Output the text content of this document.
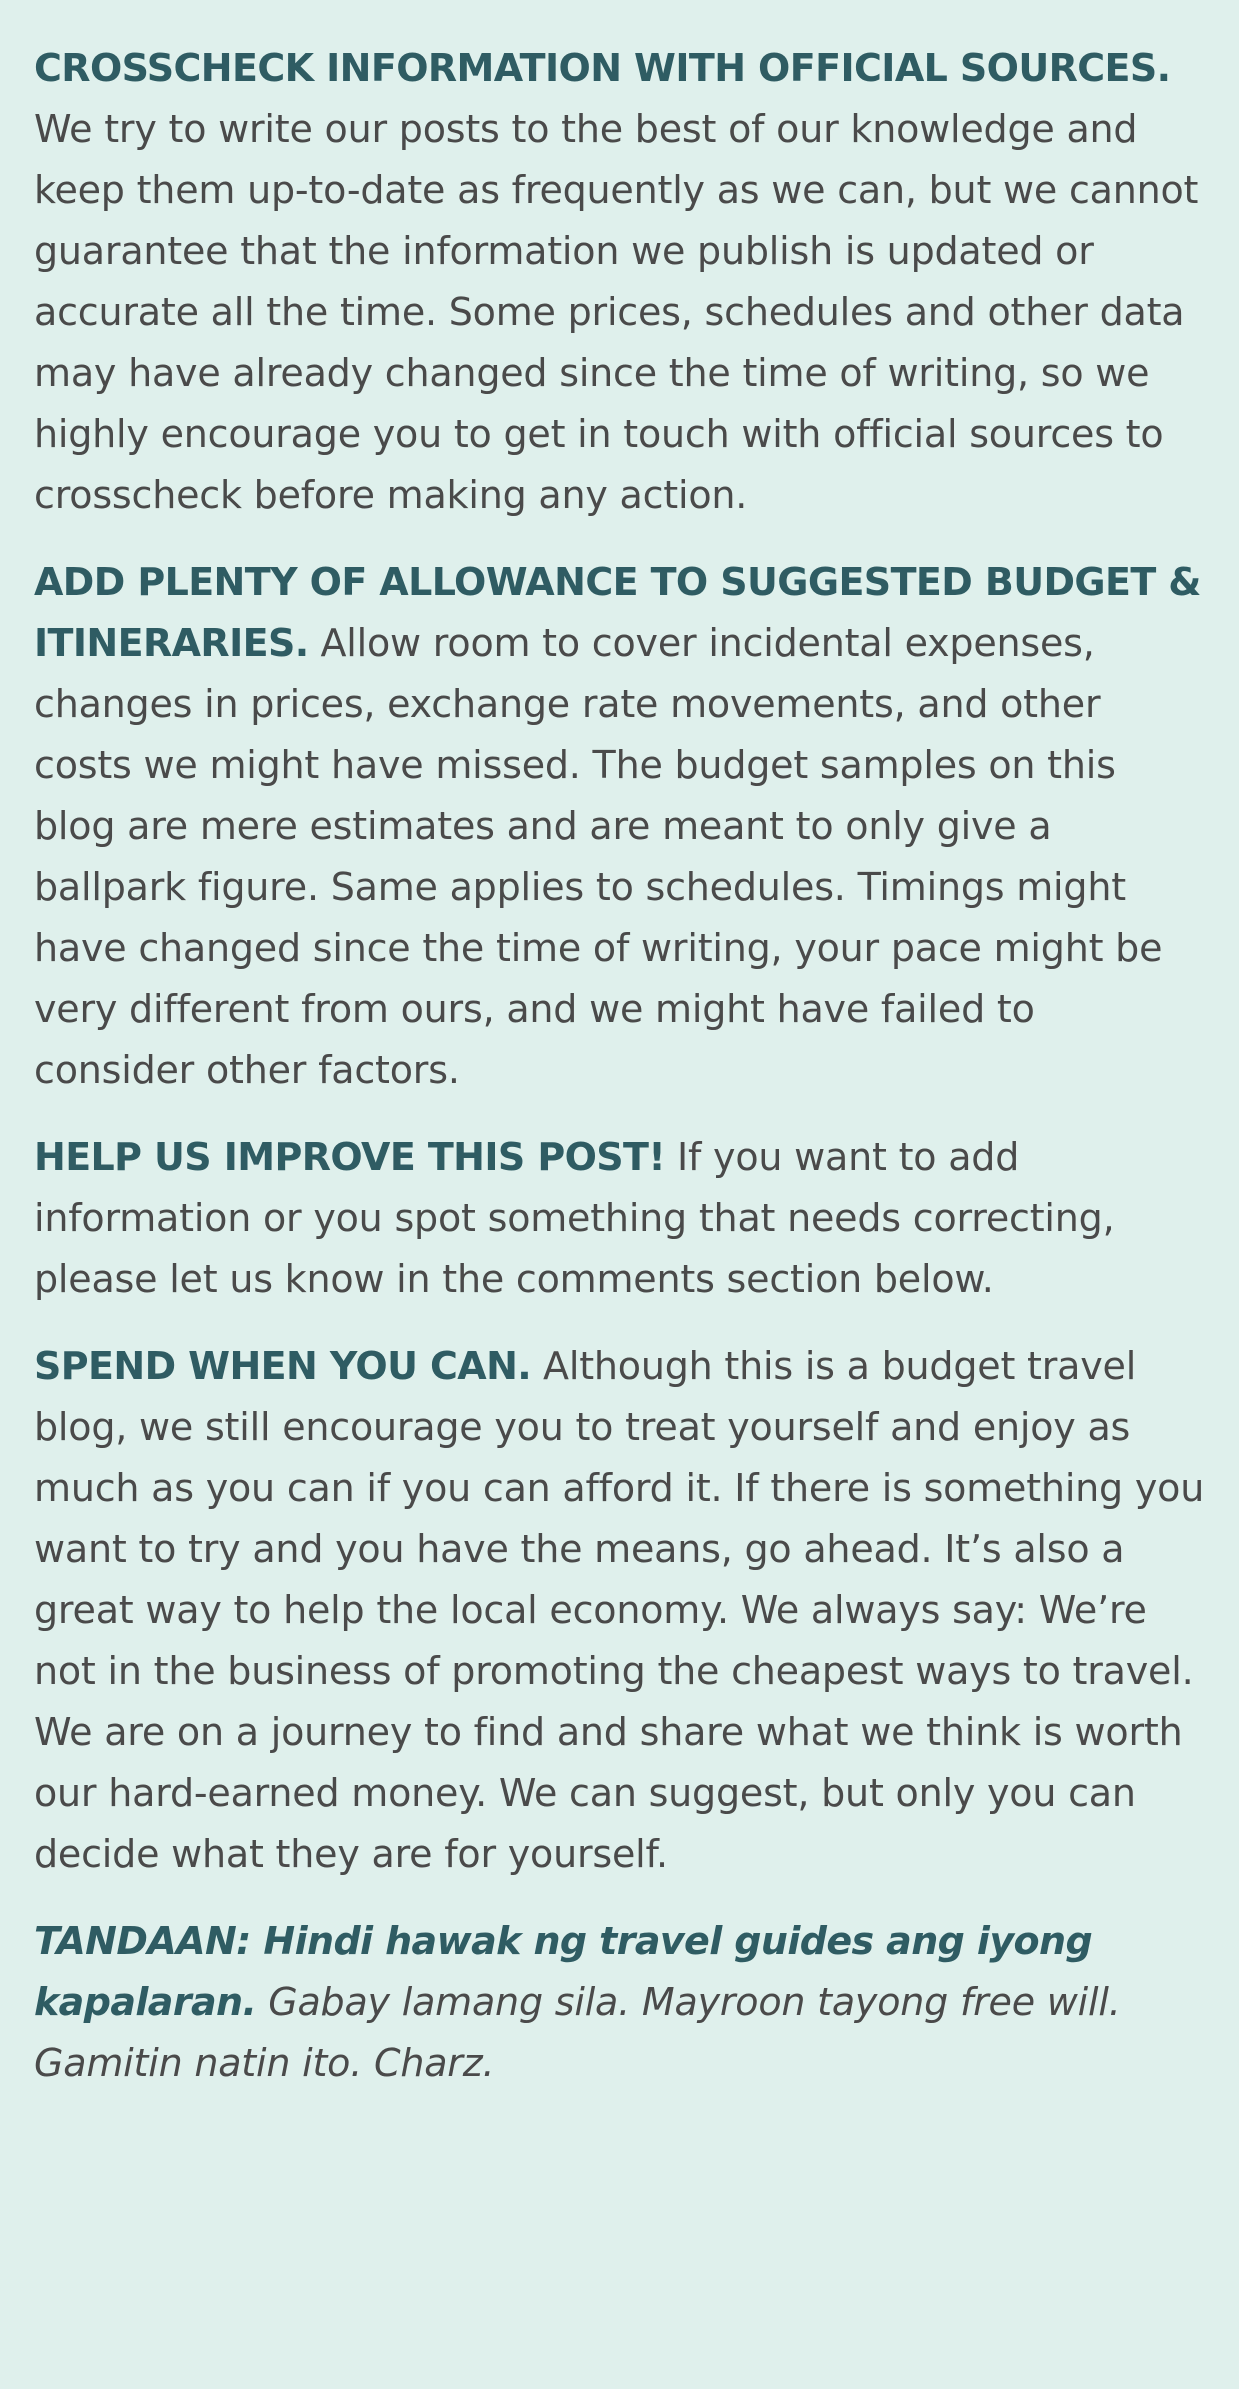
CROSSCHECK INFORMATION WITH OFFICIAL SOURCES. We try to write our posts to the best of our knowledge and keep them up-to-date as frequently as we can, but we cannot guarantee that the information we publish is updated or accurate all the time. Some prices, schedules and other data may have already changed since the time of writing, so we highly encourage you to get in touch with official sources to crosscheck before making any action.

ADD PLENTY OF ALLOWANCE TO SUGGESTED BUDGET & ITINERARIES. Allow room to cover incidental expenses, changes in prices, exchange rate movements, and other costs we might have missed. The budget samples on this blog are mere estimates and are meant to only give a ballpark figure. Same applies to schedules. Timings might have changed since the time of writing, your pace might be very different from ours, and we might have failed to consider other factors.

HELP US IMPROVE THIS POST! If you want to add information or you spot something that needs correcting, please let us know in the comments section below.

SPEND WHEN YOU CAN. Although this is a budget travel blog, we still encourage you to treat yourself and enjoy as much as you can if you can afford it. If there is something you want to try and you have the means, go ahead. It’s also a great way to help the local economy. We always say: We’re not in the business of promoting the cheapest ways to travel. We are on a journey to find and share what we think is worth our hard-earned money. We can suggest, but only you can decide what they are for yourself.

TANDAAN: Hindi hawak ng travel guides ang iyong kapalaran. Gabay lamang sila. Mayroon tayong free will. Gamitin natin ito. Charz.
